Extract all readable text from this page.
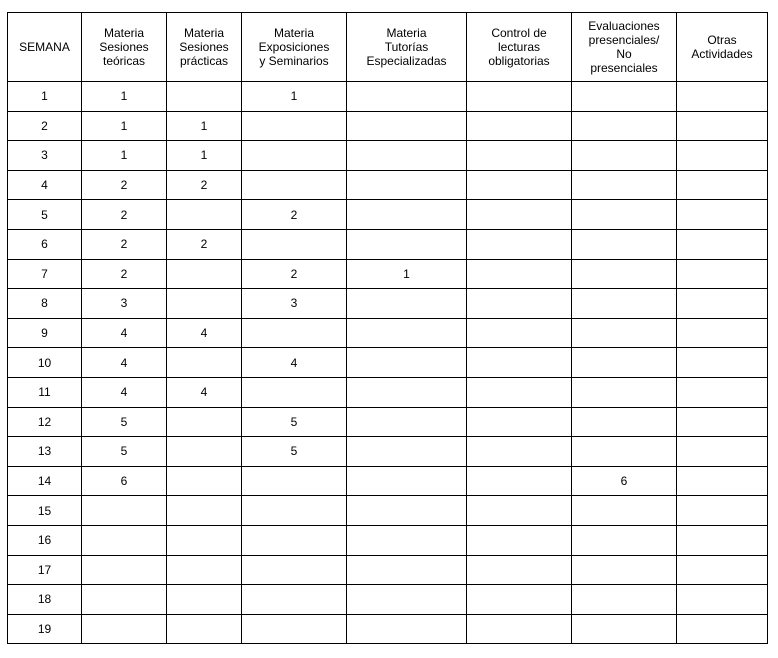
SEMANA	Materia
Sesiones
teóricas	Materia
Sesiones
prácticas	Materia
Exposiciones
y Seminarios	Materia
Tutorías
Especializadas	Control de
lecturas
obligatorias	Evaluaciones
presenciales/
No
presenciales	Otras
Actividades

1	1		1				
2	1	1					
3	1	1					
4	2	2					
5	2		2				
6	2	2					
7	2		2	1			
8	3		3				
9	4	4					
10	4		4				
11	4	4					
12	5		5				
13	5		5				
14	6					6	
15							
16							
17							
18							
19							
